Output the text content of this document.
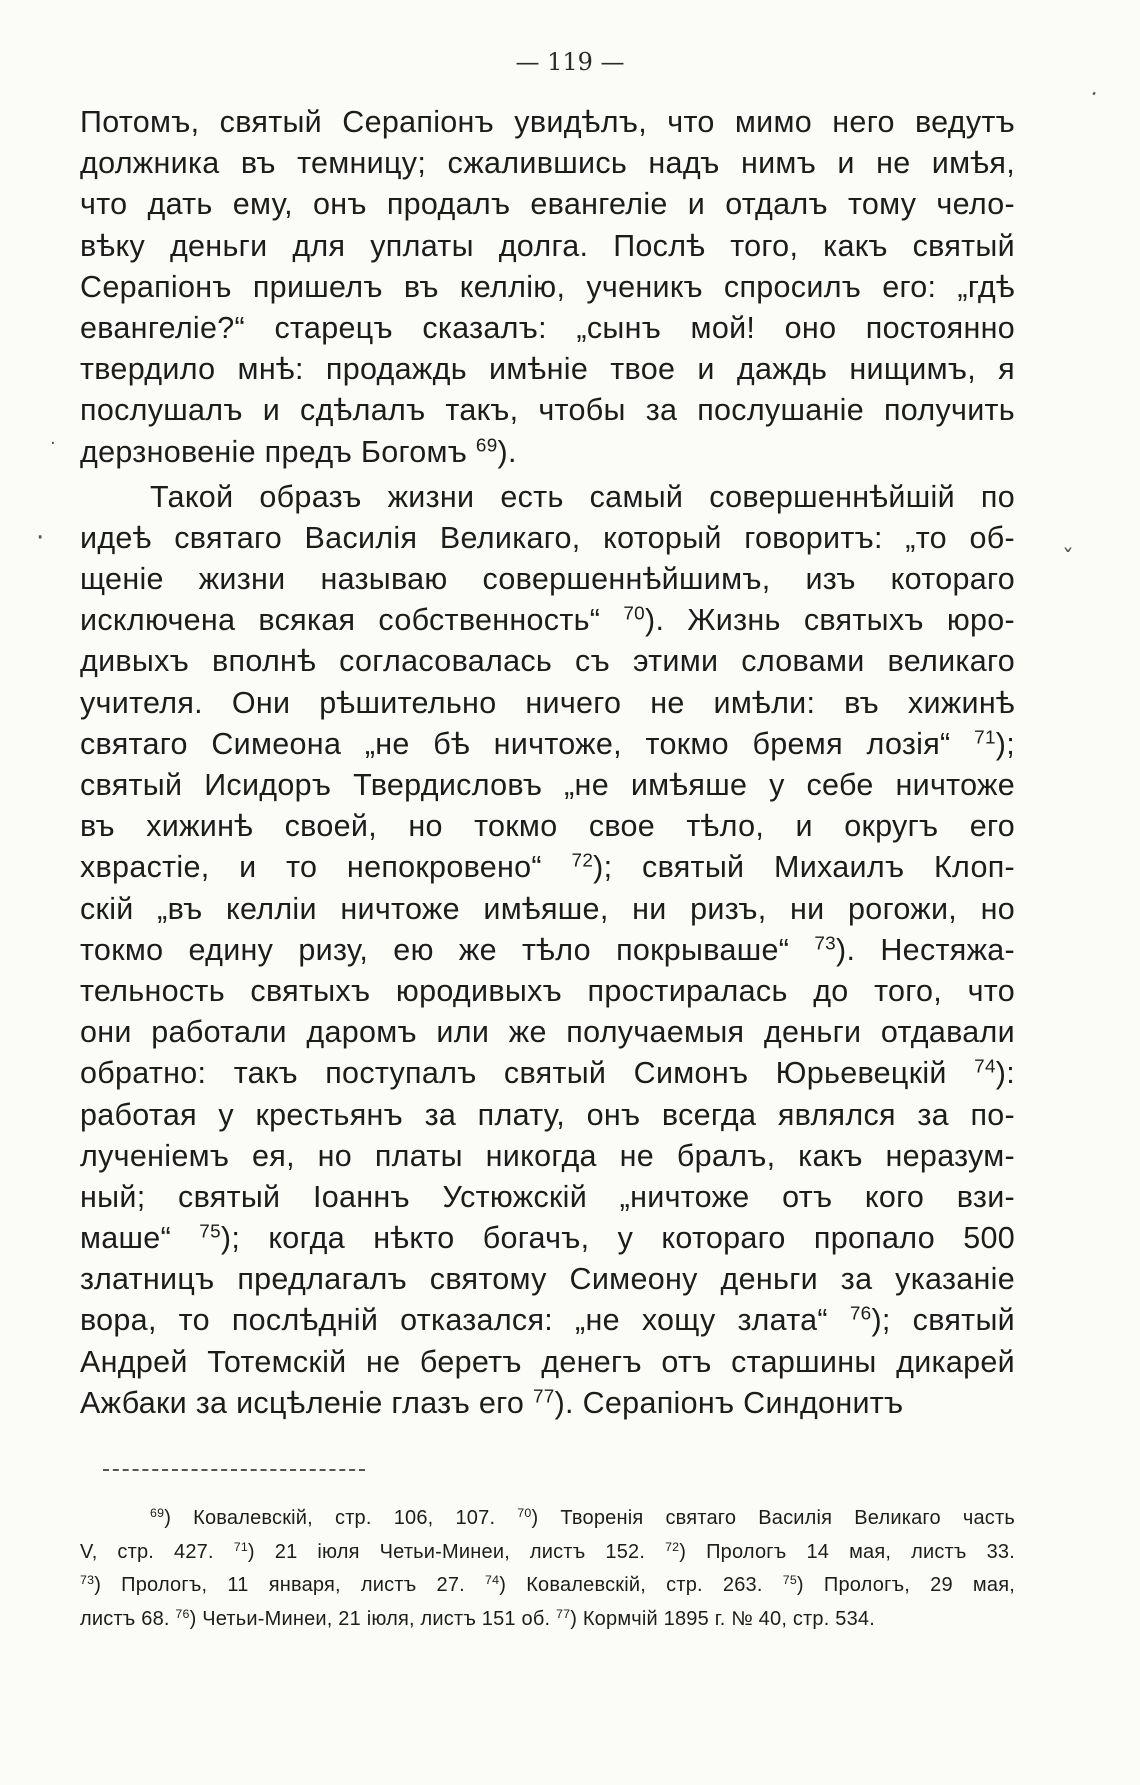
— 119 —
Потомъ, святый Серапіонъ увидѣлъ, что мимо него ведутъ
должника въ темницу; сжалившись надъ нимъ и не имѣя,
что дать ему, онъ продалъ евангеліе и отдалъ тому чело-
вѣку деньги для уплаты долга. Послѣ того, какъ святый
Серапіонъ пришелъ въ келлію, ученикъ спросилъ его: „гдѣ
евангеліе?“ старецъ сказалъ: „сынъ мой! оно постоянно
твердило мнѣ: продаждь имѣніе твое и даждь нищимъ, я
послушалъ и сдѣлалъ такъ, чтобы за послушаніе получить
дерзновеніе предъ Богомъ $^{69}$).
Такой образъ жизни есть самый совершеннѣйшій по
идеѣ святаго Василія Великаго, который говоритъ: „то об-
щеніе жизни называю совершеннѣйшимъ, изъ котораго
исключена всякая собственность“ $^{70}$). Жизнь святыхъ юро-
дивыхъ вполнѣ согласовалась съ этими словами великаго
учителя. Они рѣшительно ничего не имѣли: въ хижинѣ
святаго Симеона „не бѣ ничтоже, токмо бремя лозія“ $^{71}$);
святый Исидоръ Твердисловъ „не имѣяше у себе ничтоже
въ хижинѣ своей, но токмо свое тѣло, и округъ его
хврастіе, и то непокровено“ $^{72}$); святый Михаилъ Клоп-
скій „въ келліи ничтоже имѣяше, ни ризъ, ни рогожи, но
токмо едину ризу, ею же тѣло покрываше“ $^{73}$). Нестяжа-
тельность святыхъ юродивыхъ простиралась до того, что
они работали даромъ или же получаемыя деньги отдавали
обратно: такъ поступалъ святый Симонъ Юрьевецкій $^{74}$):
работая у крестьянъ за плату, онъ всегда являлся за по-
лученіемъ ея, но платы никогда не бралъ, какъ неразум-
ный; святый Іоаннъ Устюжскій „ничтоже отъ кого взи-
маше“ $^{75}$); когда нѣкто богачъ, у котораго пропало 500
златницъ предлагалъ святому Симеону деньги за указаніе
вора, то послѣдній отказался: „не хощу злата“ $^{76}$); святый
Андрей Тотемскій не беретъ денегъ отъ старшины дикарей
Ажбаки за исцѣленіе глазъ его $^{77}$). Серапіонъ Синдонитъ
$^{69}$) Ковалевскій, стр. 106, 107. $^{70}$) Творенія святаго Василія Великаго часть
V, стр. 427. $^{71}$) 21 іюля Четьи-Минеи, листъ 152. $^{72}$) Прологъ 14 мая, листъ 33.
$^{73}$) Прологъ, 11 января, листъ 27. $^{74}$) Ковалевскій, стр. 263. $^{75}$) Прологъ, 29 мая,
листъ 68. $^{76}$) Четьи-Минеи, 21 іюля, листъ 151 об. $^{77}$) Кормчій 1895 г. № 40, стр. 534.
·
·
ˇ
·
